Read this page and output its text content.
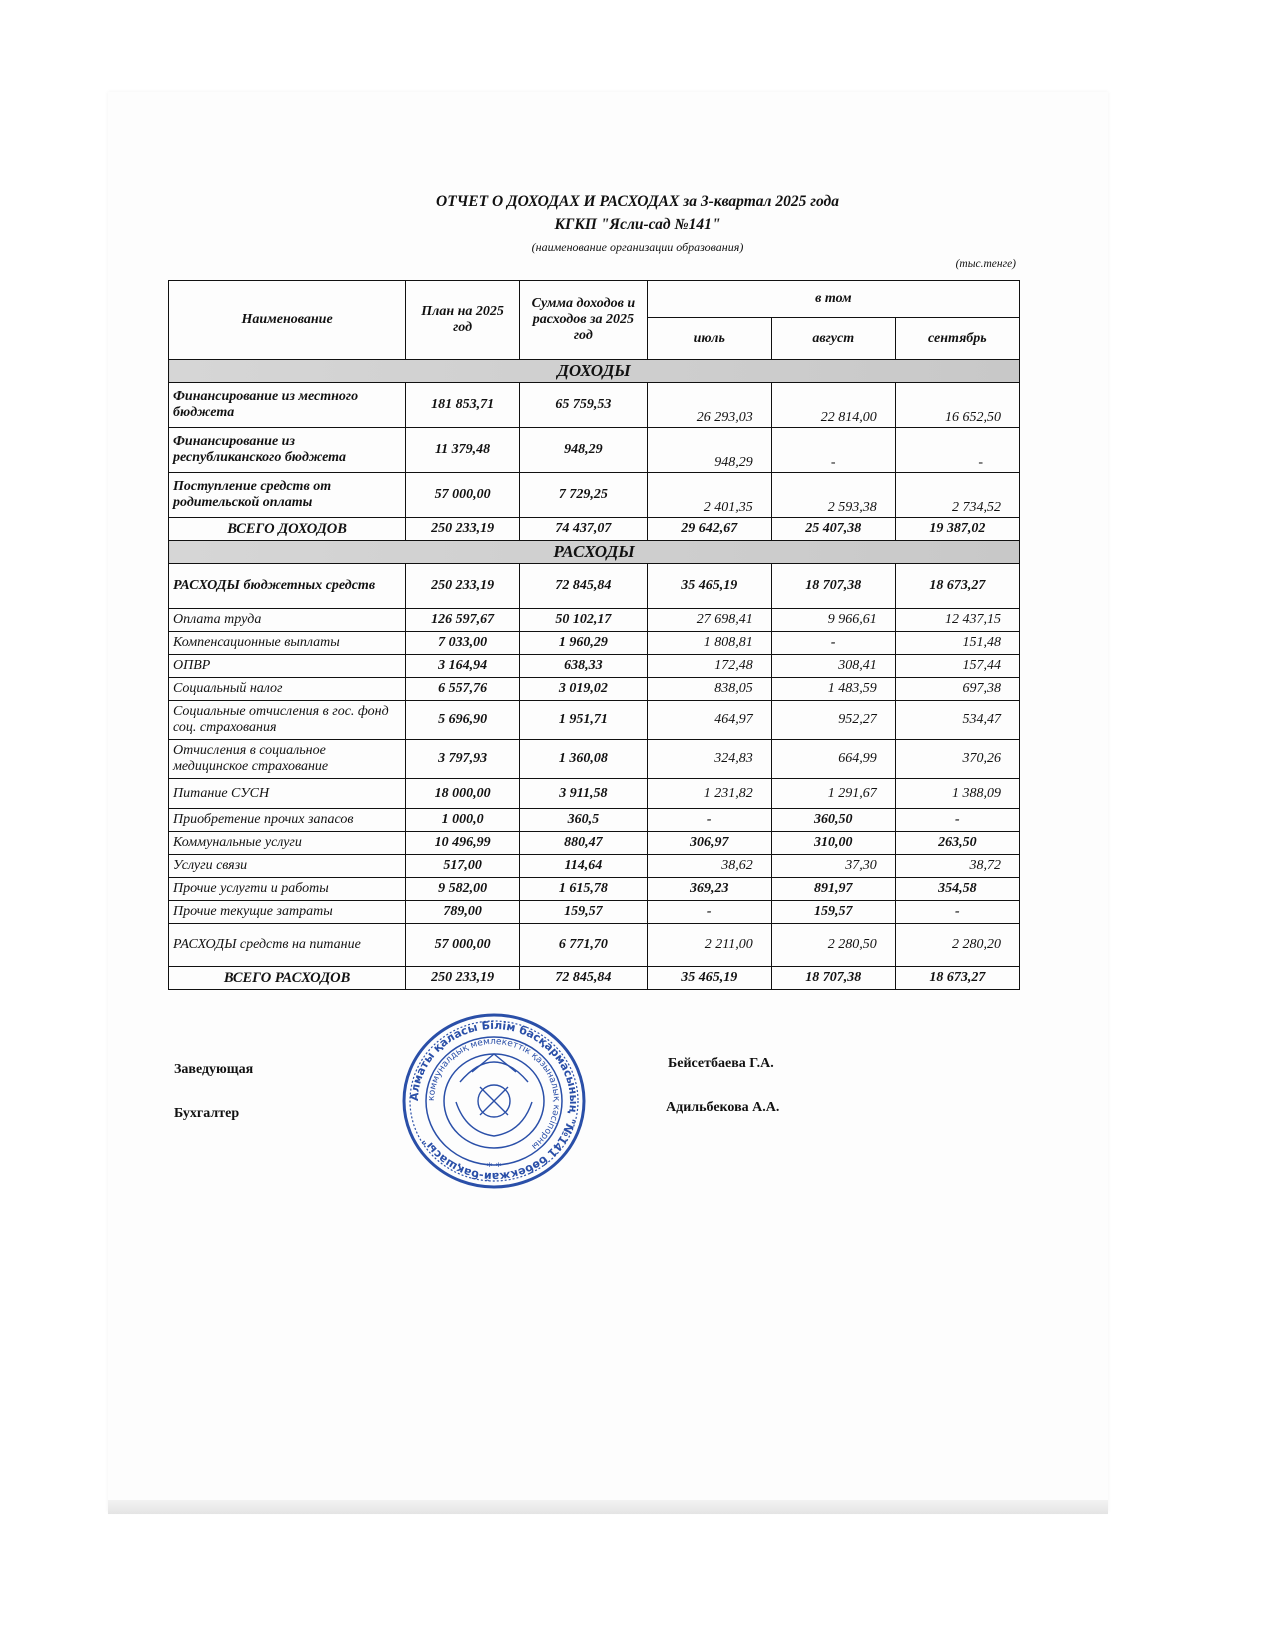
ОТЧЕТ О ДОХОДАХ И РАСХОДАХ за 3-квартал 2025 года
КГКП "Ясли-сад №141"
(наименование организации образования)
(тыс.тенге)
Наименование	План на 2025 год	Сумма доходов и расходов за 2025 год	в том		
			июль	август	сентябрь
ДОХОДЫ					
Финансирование из местного бюджета	181 853,71	65 759,53	26 293,03	22 814,00	16 652,50
Финансирование из республиканского бюджета	11 379,48	948,29	948,29	-	-
Поступление средств от родительской оплаты	57 000,00	7 729,25	2 401,35	2 593,38	2 734,52
ВСЕГО ДОХОДОВ	250 233,19	74 437,07	29 642,67	25 407,38	19 387,02
РАСХОДЫ					
РАСХОДЫ бюджетных средств	250 233,19	72 845,84	35 465,19	18 707,38	18 673,27
Оплата труда	126 597,67	50 102,17	27 698,41	9 966,61	12 437,15
Компенсационные выплаты	7 033,00	1 960,29	1 808,81	-	151,48
ОПВР	3 164,94	638,33	172,48	308,41	157,44
Социальный налог	6 557,76	3 019,02	838,05	1 483,59	697,38
Социальные отчисления в гос. фонд соц. страхования	5 696,90	1 951,71	464,97	952,27	534,47
Отчисления в социальное медицинское страхование	3 797,93	1 360,08	324,83	664,99	370,26
Питание СУСН	18 000,00	3 911,58	1 231,82	1 291,67	1 388,09
Приобретение прочих запасов	1 000,0	360,5	-	360,50	-
Коммунальные услуги	10 496,99	880,47	306,97	310,00	263,50
Услуги связи	517,00	114,64	38,62	37,30	38,72
Прочие услугти и работы	9 582,00	1 615,78	369,23	891,97	354,58
Прочие текущие затраты	789,00	159,57	-	159,57	-
РАСХОДЫ средств на питание	57 000,00	6 771,70	2 211,00	2 280,50	2 280,20
ВСЕГО РАСХОДОВ	250 233,19	72 845,84	35 465,19	18 707,38	18 673,27
Заведующая
Бухгалтер
Бейсетбаева Г.А.
Адильбекова А.А.
Алматы қаласы Білім басқармасының "№141 бөбекжай-бақшасы"
коммуналдық мемлекеттік қазыналық кәсіпорны
* *
